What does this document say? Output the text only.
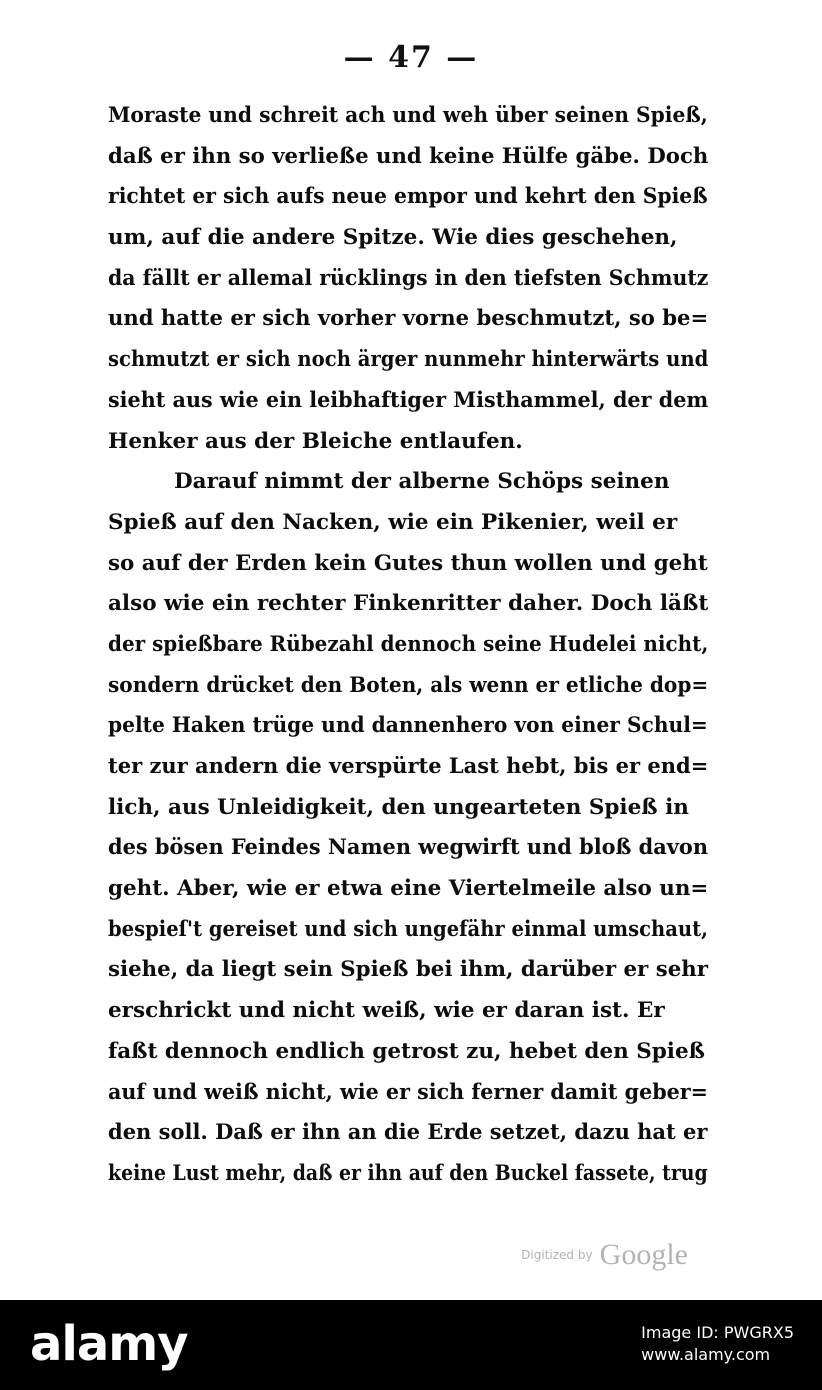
— 47 —
Moraste und schreit ach und weh über seinen Spieß,
daß er ihn so verließe und keine Hülfe gäbe. Doch
richtet er sich aufs neue empor und kehrt den Spieß
um, auf die andere Spitze. Wie dies geschehen,
da fällt er allemal rücklings in den tiefsten Schmutz
und hatte er sich vorher vorne beschmutzt, so be=
schmutzt er sich noch ärger nunmehr hinterwärts und
sieht aus wie ein leibhaftiger Misthammel, der dem
Henker aus der Bleiche entlaufen.
Darauf nimmt der alberne Schöps seinen
Spieß auf den Nacken, wie ein Pikenier, weil er
so auf der Erden kein Gutes thun wollen und geht
also wie ein rechter Finkenritter daher. Doch läßt
der spießbare Rübezahl dennoch seine Hudelei nicht,
sondern drücket den Boten, als wenn er etliche dop=
pelte Haken trüge und dannenhero von einer Schul=
ter zur andern die verspürte Last hebt, bis er end=
lich, aus Unleidigkeit, den ungearteten Spieß in
des bösen Feindes Namen wegwirft und bloß davon
geht. Aber, wie er etwa eine Viertelmeile also un=
bespieſ't gereiset und sich ungefähr einmal umschaut,
siehe, da liegt sein Spieß bei ihm, darüber er sehr
erschrickt und nicht weiß, wie er daran ist. Er
faßt dennoch endlich getrost zu, hebet den Spieß
auf und weiß nicht, wie er sich ferner damit geber=
den soll. Daß er ihn an die Erde setzet, dazu hat er
keine Lust mehr, daß er ihn auf den Buckel fassete, trug
Digitized by Google
alamy	Image ID: PWGRX5
www.alamy.com
